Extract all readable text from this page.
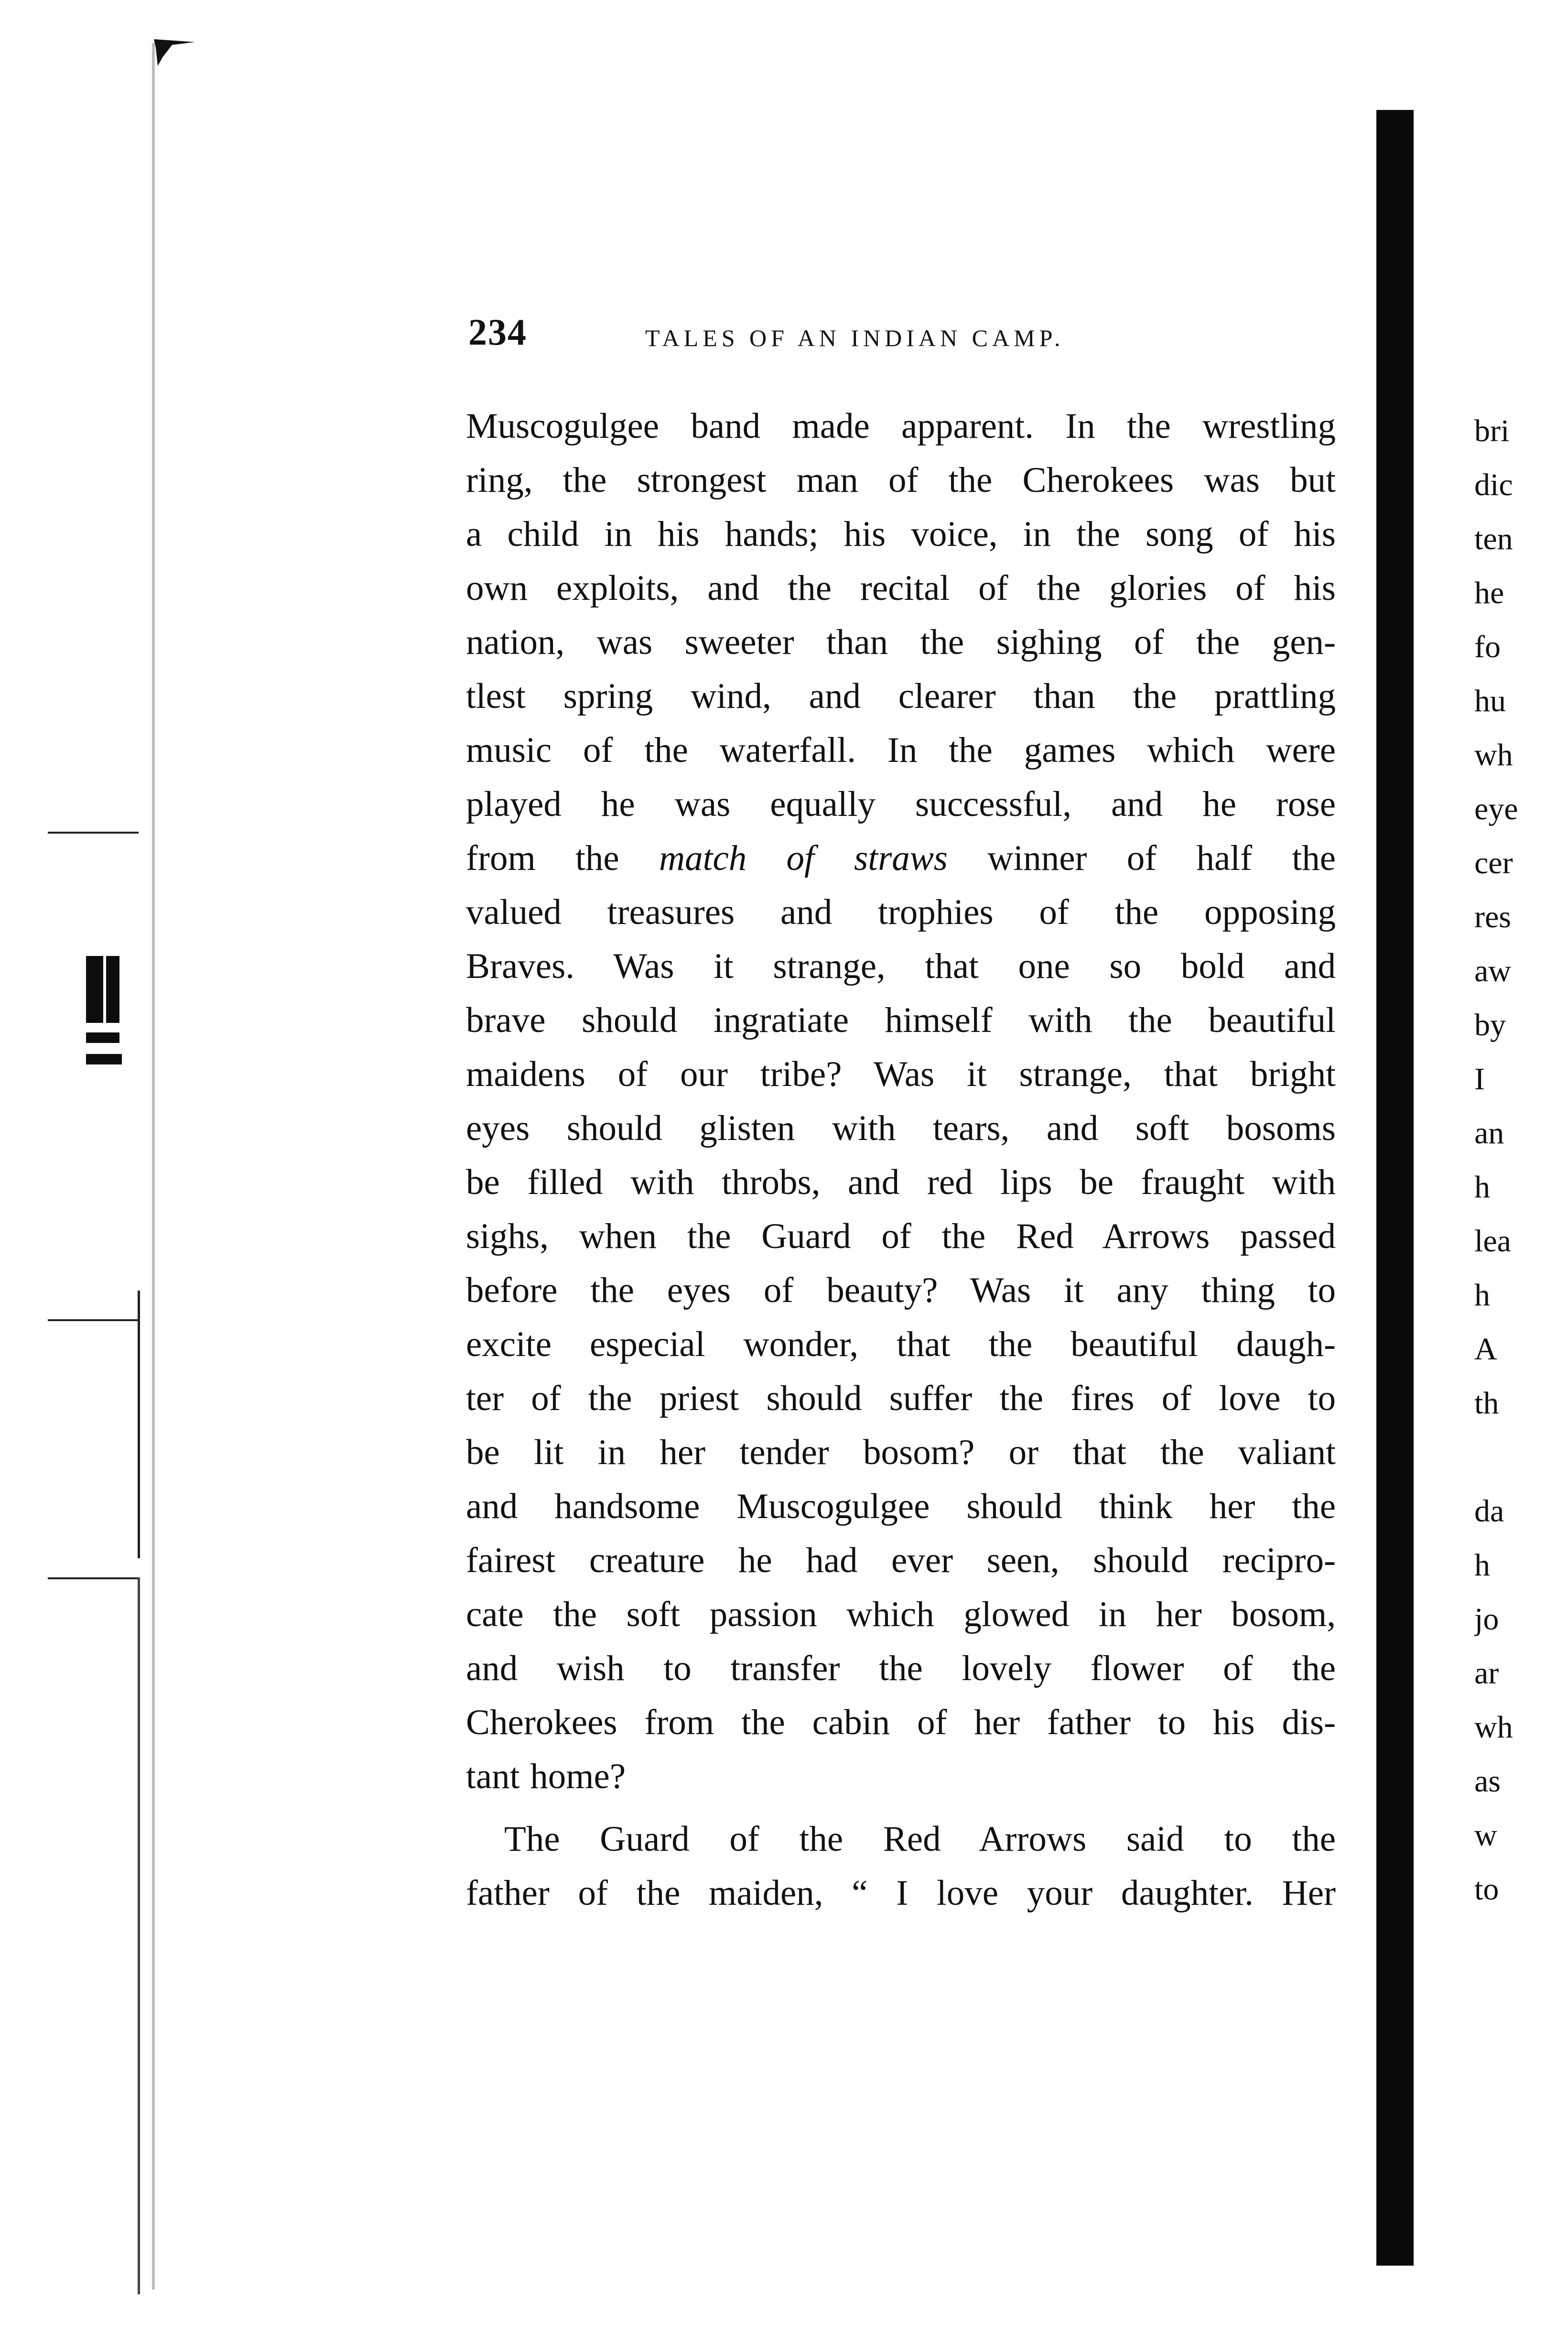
234	TALES OF AN INDIAN CAMP.

Muscogulgee band made apparent. In the wrestling

ring, the strongest man of the Cherokees was but

a child in his hands; his voice, in the song of his

own exploits, and the recital of the glories of his

nation, was sweeter than the sighing of the gen-

tlest spring wind, and clearer than the prattling

music of the waterfall. In the games which were

played he was equally successful, and he rose

from the match of straws winner of half the

valued treasures and trophies of the opposing

Braves. Was it strange, that one so bold and

brave should ingratiate himself with the beautiful

maidens of our tribe? Was it strange, that bright

eyes should glisten with tears, and soft bosoms

be filled with throbs, and red lips be fraught with

sighs, when the Guard of the Red Arrows passed

before the eyes of beauty? Was it any thing to

excite especial wonder, that the beautiful daugh-

ter of the priest should suffer the fires of love to

be lit in her tender bosom? or that the valiant

and handsome Muscogulgee should think her the

fairest creature he had ever seen, should recipro-

cate the soft passion which glowed in her bosom,

and wish to transfer the lovely flower of the

Cherokees from the cabin of her father to his dis-

tant home?

The Guard of the Red Arrows said to the

father of the maiden, “ I love your daughter. Her

bri
dic
ten
he
fo
hu
wh
eye
cer
res
aw
by
I
an
h
lea
h
A
th
da
h
jo
ar
wh
as
w
to
